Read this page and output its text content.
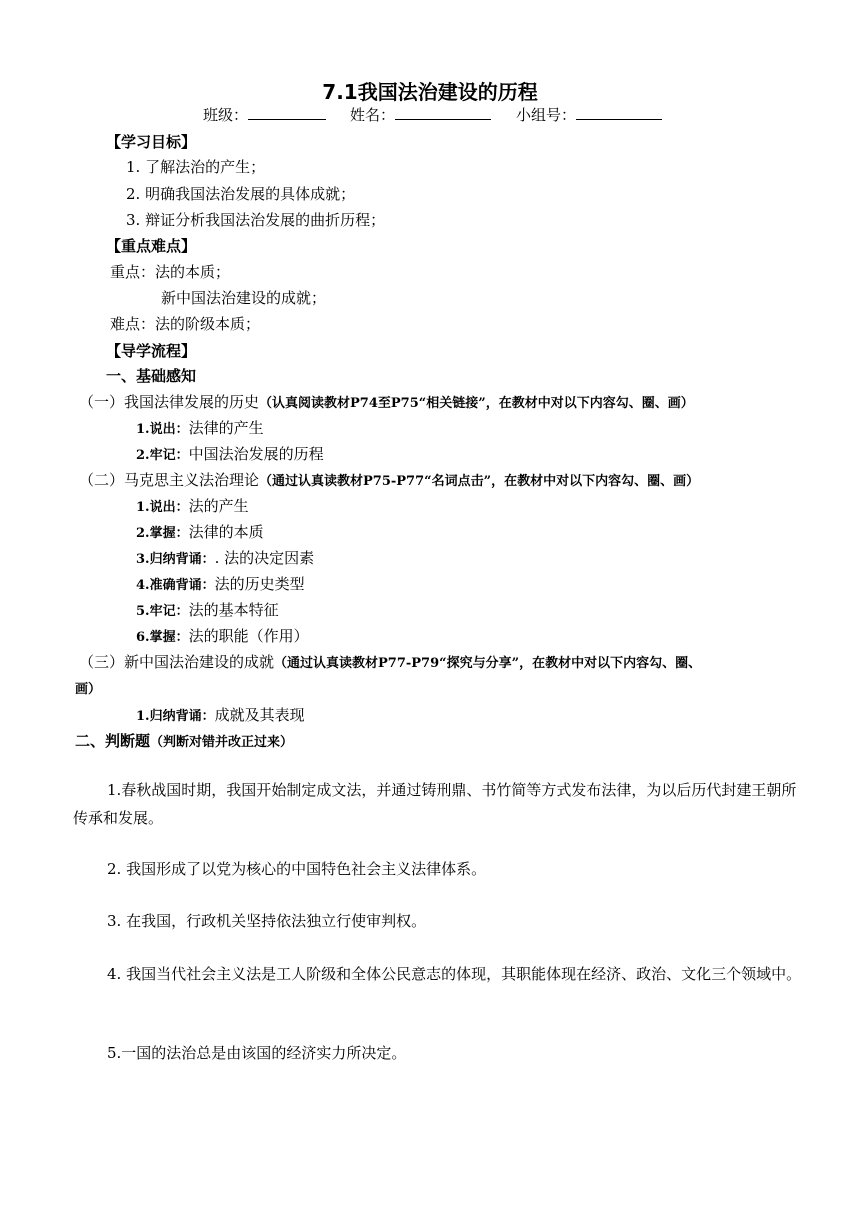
7.1我国法治建设的历程
班级：	姓名：	小组号：
【学习目标】
1. 了解法治的产生；
2. 明确我国法治发展的具体成就；
3. 辩证分析我国法治发展的曲折历程；
【重点难点】
重点：法的本质；
新中国法治建设的成就；
难点：法的阶级本质；
【导学流程】
一、基础感知
（一）我国法律发展的历史（认真阅读教材P74至P75“相关链接”，在教材中对以下内容勾、圈、画）
1.说出：法律的产生
2.牢记：中国法治发展的历程
（二）马克思主义法治理论（通过认真读教材P75-P77“名词点击”，在教材中对以下内容勾、圈、画）
1.说出：法的产生
2.掌握：法律的本质
3.归纳背诵：. 法的决定因素
4.准确背诵：法的历史类型
5.牢记：法的基本特征
6.掌握：法的职能（作用）
（三）新中国法治建设的成就（通过认真读教材P77-P79“探究与分享”，在教材中对以下内容勾、圈、
画）
1.归纳背诵：成就及其表现
二、判断题（判断对错并改正过来）
1.春秋战国时期，我国开始制定成文法，并通过铸刑鼎、书竹简等方式发布法律，为以后历代封建王朝所传承和发展。
2. 我国形成了以党为核心的中国特色社会主义法律体系。
3. 在我国，行政机关坚持依法独立行使审判权。
4. 我国当代社会主义法是工人阶级和全体公民意志的体现，其职能体现在经济、政治、文化三个领域中。
5.一国的法治总是由该国的经济实力所决定。
